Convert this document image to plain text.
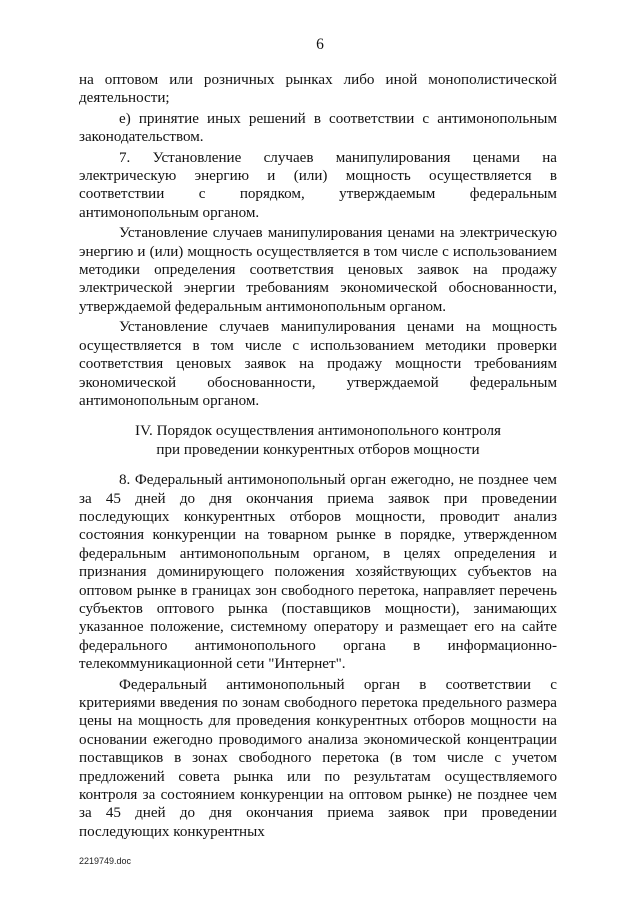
6

на оптовом или розничных рынках либо иной монополистической деятельности;

е) принятие иных решений в соответствии с антимонопольным законодательством.

7. Установление случаев манипулирования ценами на электрическую энергию и (или) мощность осуществляется в соответствии с порядком, утверждаемым федеральным антимонопольным органом.

Установление случаев манипулирования ценами на электрическую энергию и (или) мощность осуществляется в том числе с использованием методики определения соответствия ценовых заявок на продажу электрической энергии требованиям экономической обоснованности, утверждаемой федеральным антимонопольным органом.

Установление случаев манипулирования ценами на мощность осуществляется в том числе с использованием методики проверки соответствия ценовых заявок на продажу мощности требованиям экономической обоснованности, утверждаемой федеральным антимонопольным органом.

IV. Порядок осуществления антимонопольного контроля
при проведении конкурентных отборов мощности

8. Федеральный антимонопольный орган ежегодно, не позднее чем за 45 дней до дня окончания приема заявок при проведении последующих конкурентных отборов мощности, проводит анализ состояния конкуренции на товарном рынке в порядке, утвержденном федеральным антимонопольным органом, в целях определения и признания доминирующего положения хозяйствующих субъектов на оптовом рынке в границах зон свободного перетока, направляет перечень субъектов оптового рынка (поставщиков мощности), занимающих указанное положение, системному оператору и размещает его на сайте федерального антимонопольного органа в информационно-телекоммуникационной сети "Интернет".

Федеральный антимонопольный орган в соответствии с критериями введения по зонам свободного перетока предельного размера цены на мощность для проведения конкурентных отборов мощности на основании ежегодно проводимого анализа экономической концентрации поставщиков в зонах свободного перетока (в том числе с учетом предложений совета рынка или по результатам осуществляемого контроля за состоянием конкуренции на оптовом рынке) не позднее чем за 45 дней до дня окончания приема заявок при проведении последующих конкурентных

2219749.doc
